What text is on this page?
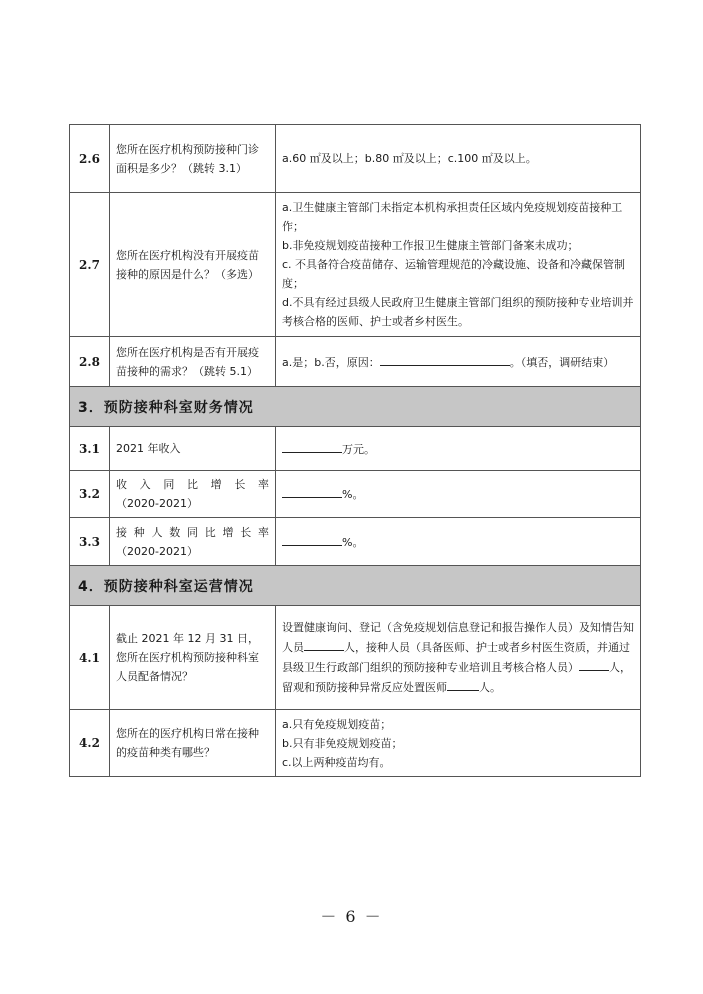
2.6	您所在医疗机构预防接种门诊面积是多少？（跳转 3.1）	a.60 ㎡及以上；b.80 ㎡及以上；c.100 ㎡及以上。
2.7	您所在医疗机构没有开展疫苗接种的原因是什么？（多选）	a.卫生健康主管部门未指定本机构承担责任区域内免疫规划疫苗接种工作；
b.非免疫规划疫苗接种工作报卫生健康主管部门备案未成功；
c. 不具备符合疫苗储存、运输管理规范的冷藏设施、设备和冷藏保管制度；
d.不具有经过县级人民政府卫生健康主管部门组织的预防接种专业培训并考核合格的医师、护士或者乡村医生。

2.8	您所在医疗机构是否有开展疫苗接种的需求？（跳转 5.1）	a.是；b.否，原因： 。（填否，调研结束）
3．预防接种科室财务情况		
3.1	2021 年收入	万元。
3.2	收入同比增长率
（2020-2021）	%。
3.3	接种人数同比增长率
（2020-2021）	%。
4．预防接种科室运营情况		
4.1	截止 2021 年 12 月 31 日，您所在医疗机构预防接种科室人员配备情况？	设置健康询问、登记（含免疫规划信息登记和报告操作人员）及知情告知人员 人，接种人员（具备医师、护士或者乡村医生资质，并通过县级卫生行政部门组织的预防接种专业培训且考核合格人员） 人，留观和预防接种异常反应处置医师 人。
4.2	您所在的医疗机构日常在接种的疫苗种类有哪些？	a.只有免疫规划疫苗；
b.只有非免疫规划疫苗；
c.以上两种疫苗均有。
－ 6 －
